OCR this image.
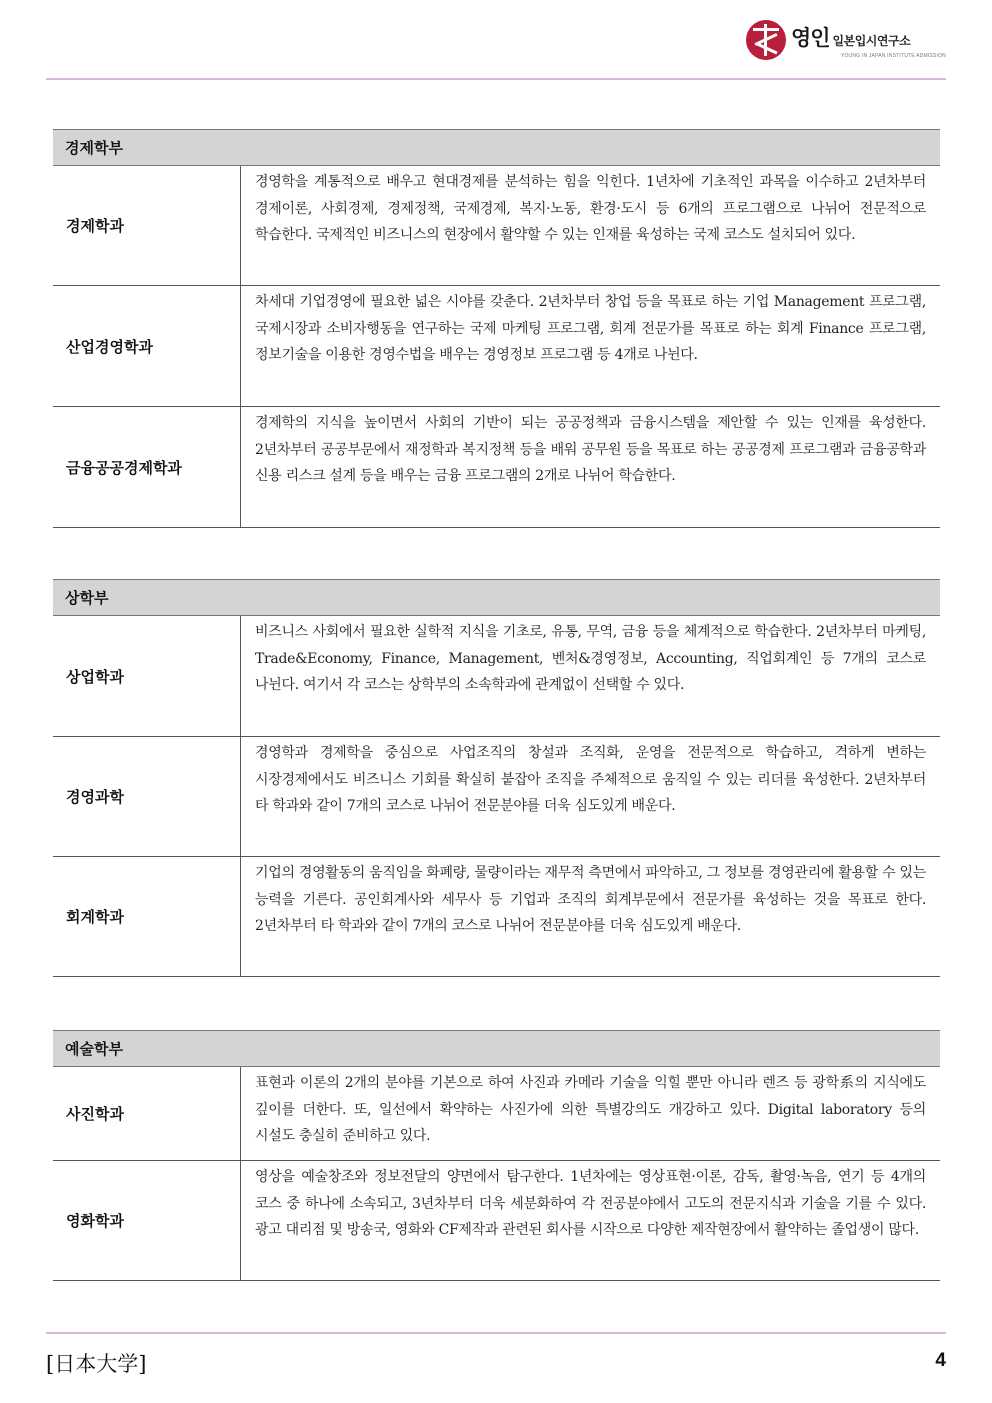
영인 일본입시연구소
YOUNG IN JAPAN INSTITUTE ADMISSION
경제학부
경제학과
경영학을 계통적으로 배우고 현대경제를 분석하는 힘을 익힌다. 1년차에 기초적인 과목을 이수하고 2년차부터 경제이론, 사회경제, 경제정책, 국제경제, 복지·노동, 환경·도시 등 6개의 프로그램으로 나뉘어 전문적으로 학습한다. 국제적인 비즈니스의 현장에서 활약할 수 있는 인재를 육성하는 국제 코스도 설치되어 있다.
산업경영학과
차세대 기업경영에 필요한 넓은 시야를 갖춘다. 2년차부터 창업 등을 목표로 하는 기업 Management 프로그램, 국제시장과 소비자행동을 연구하는 국제 마케팅 프로그램, 회계 전문가를 목표로 하는 회계 Finance 프로그램, 정보기술을 이용한 경영수법을 배우는 경영정보 프로그램 등 4개로 나뉜다.
금융공공경제학과
경제학의 지식을 높이면서 사회의 기반이 되는 공공정책과 금융시스템을 제안할 수 있는 인재를 육성한다. 2년차부터 공공부문에서 재정학과 복지정책 등을 배워 공무원 등을 목표로 하는 공공경제 프로그램과 금융공학과 신용 리스크 설계 등을 배우는 금융 프로그램의 2개로 나뉘어 학습한다.
상학부
상업학과
비즈니스 사회에서 필요한 실학적 지식을 기초로, 유통, 무역, 금융 등을 체계적으로 학습한다. 2년차부터 마케팅, Trade&Economy, Finance, Management, 벤처&경영정보, Accounting, 직업회계인 등 7개의 코스로 나뉜다. 여기서 각 코스는 상학부의 소속학과에 관계없이 선택할 수 있다.
경영과학
경영학과 경제학을 중심으로 사업조직의 창설과 조직화, 운영을 전문적으로 학습하고, 격하게 변하는 시장경제에서도 비즈니스 기회를 확실히 붙잡아 조직을 주체적으로 움직일 수 있는 리더를 육성한다. 2년차부터 타 학과와 같이 7개의 코스로 나뉘어 전문분야를 더욱 심도있게 배운다.
회계학과
기업의 경영활동의 움직임을 화폐량, 물량이라는 재무적 측면에서 파악하고, 그 정보를 경영관리에 활용할 수 있는 능력을 기른다. 공인회계사와 세무사 등 기업과 조직의 회계부문에서 전문가를 육성하는 것을 목표로 한다. 2년차부터 타 학과와 같이 7개의 코스로 나뉘어 전문분야를 더욱 심도있게 배운다.
예술학부
사진학과
표현과 이론의 2개의 분야를 기본으로 하여 사진과 카메라 기술을 익힐 뿐만 아니라 렌즈 등 광학系의 지식에도 깊이를 더한다. 또, 일선에서 확약하는 사진가에 의한 특별강의도 개강하고 있다. Digital laboratory 등의 시설도 충실히 준비하고 있다.
영화학과
영상을 예술창조와 정보전달의 양면에서 탐구한다. 1년차에는 영상표현·이론, 감독, 촬영·녹음, 연기 등 4개의 코스 중 하나에 소속되고, 3년차부터 더욱 세분화하여 각 전공분야에서 고도의 전문지식과 기술을 기를 수 있다. 광고 대리점 및 방송국, 영화와 CF제작과 관련된 회사를 시작으로 다양한 제작현장에서 활약하는 졸업생이 많다.
[日本大学]	4
